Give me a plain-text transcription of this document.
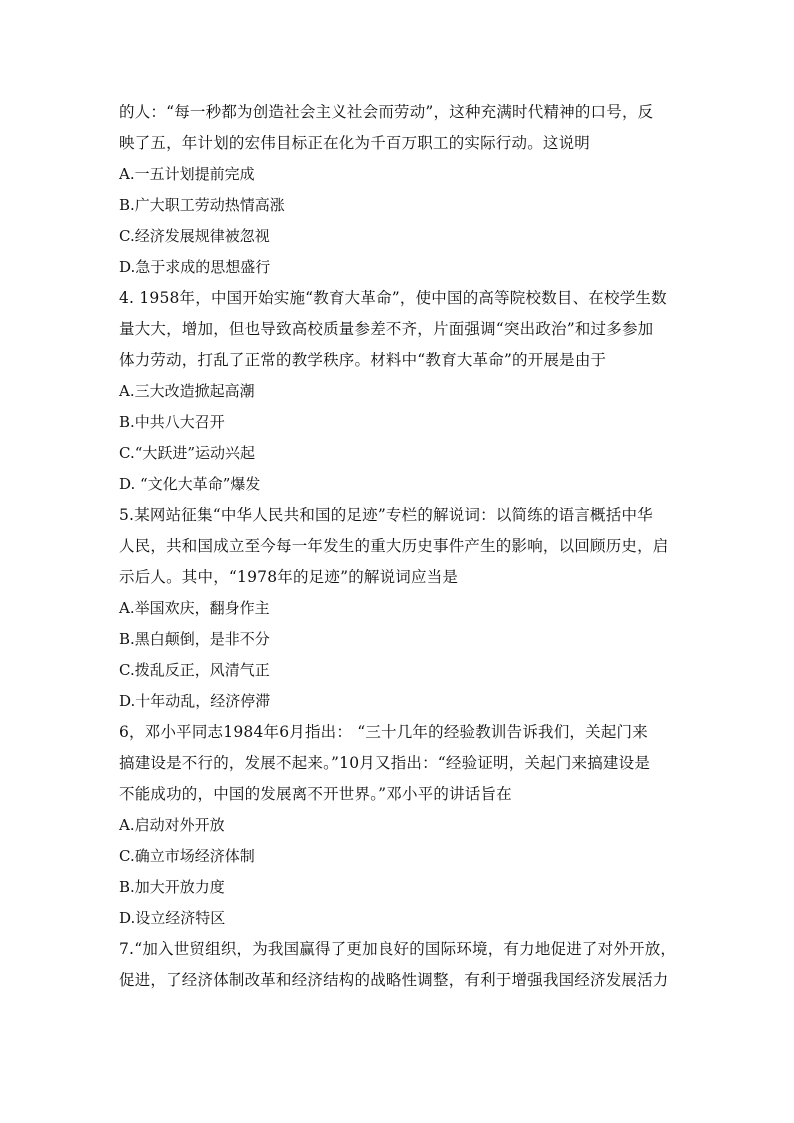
的人：“每一秒都为创造社会主义社会而劳动”，这种充满时代精神的口号，反
映了五，年计划的宏伟目标正在化为千百万职工的实际行动。这说明
A.一五计划提前完成
B.广大职工劳动热情高涨
C.经济发展规律被忽视
D.急于求成的思想盛行
4. 1958年，中国开始实施“教育大革命”，使中国的高等院校数目、在校学生数
量大大，增加，但也导致高校质量参差不齐，片面强调“突出政治”和过多参加
体力劳动，打乱了正常的教学秩序。材料中“教育大革命”的开展是由于
A.三大改造掀起高潮
B.中共八大召开
C.“大跃进”运动兴起
D. “文化大革命”爆发
5.某网站征集“中华人民共和国的足迹”专栏的解说词：以简练的语言概括中华
人民，共和国成立至今每一年发生的重大历史事件产生的影响，以回顾历史，启
示后人。其中，“1978年的足迹”的解说词应当是
A.举国欢庆，翻身作主
B.黑白颠倒，是非不分
C.拨乱反正，风清气正
D.十年动乱，经济停滞
6，邓小平同志1984年6月指出： “三十几年的经验教训告诉我们，关起门来
搞建设是不行的，发展不起来。”10月又指出：“经验证明，关起门来搞建设是
不能成功的，中国的发展离不开世界。”邓小平的讲话旨在
A.启动对外开放
C.确立市场经济体制
B.加大开放力度
D.设立经济特区
7.“加入世贸组织，为我国赢得了更加良好的国际环境，有力地促进了对外开放，
促进，了经济体制改革和经济结构的战略性调整，有利于增强我国经济发展活力
